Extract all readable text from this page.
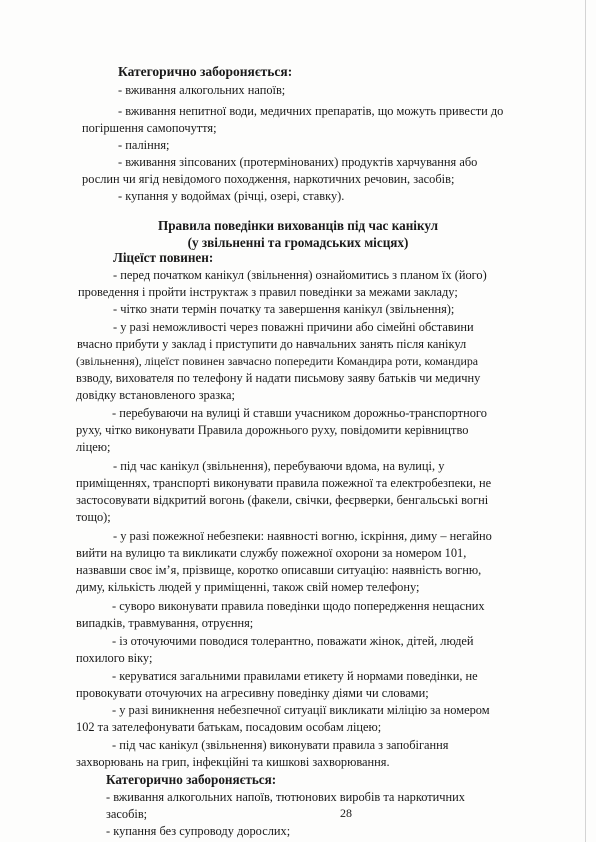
Категорично забороняється:
- вживання алкогольних напоїв;
- вживання непитної води, медичних препаратів, що можуть привести до
погіршення самопочуття;
- паління;
- вживання зіпсованих (протермінованих) продуктів харчування або
рослин чи ягід невідомого походження, наркотичних речовин, засобів;
- купання у водоймах (річці, озері, ставку).
Правила поведінки вихованців під час канікул
(у звільненні та громадських місцях)
Ліцеїст повинен:
- перед початком канікул (звільнення) ознайомитись з планом їх (його)
проведення і пройти інструктаж з правил поведінки за межами закладу;
- чітко знати термін початку та завершення канікул (звільнення);
- у разі неможливості через поважні причини або сімейні обставини
вчасно прибути у заклад і приступити до навчальних занять після канікул
(звільнення), ліцеїст повинен завчасно попередити Командира роти, командира
взводу, вихователя по телефону й надати письмову заяву батьків чи медичну
довідку встановленого зразка;
- перебуваючи на вулиці й ставши учасником дорожньо-транспортного
руху, чітко виконувати Правила дорожнього руху, повідомити керівництво
ліцею;
- під час канікул (звільнення), перебуваючи вдома, на вулиці, у
приміщеннях, транспорті виконувати правила пожежної та електробезпеки, не
застосовувати відкритий вогонь (факели, свічки, феєрверки, бенгальські вогні
тощо);
- у разі пожежної небезпеки: наявності вогню, іскріння, диму – негайно
вийти на вулицю та викликати службу пожежної охорони за номером 101,
назвавши своє ім’я, прізвище, коротко описавши ситуацію: наявність вогню,
диму, кількість людей у приміщенні, також свій номер телефону;
- суворо виконувати правила поведінки щодо попередження нещасних
випадків, травмування, отруєння;
- із оточуючими поводися толерантно, поважати жінок, дітей, людей
похилого віку;
- керуватися загальними правилами етикету й нормами поведінки, не
провокувати оточуючих на агресивну поведінку діями чи словами;
- у разі виникнення небезпечної ситуації викликати міліцію за номером
102 та зателефонувати батькам, посадовим особам ліцею;
- під час канікул (звільнення) виконувати правила з запобігання
захворювань на грип, інфекційні та кишкові захворювання.
Категорично забороняється:
- вживання алкогольних напоїв, тютюнових виробів та наркотичних
засобів;
- купання без супроводу дорослих;
28
